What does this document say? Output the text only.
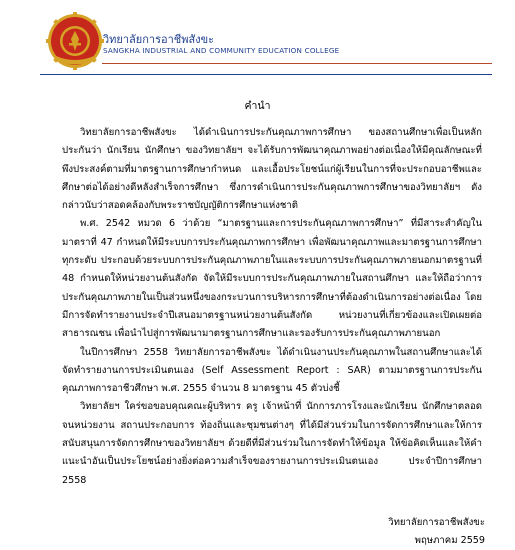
วิทยาลัยการอาชีพสังขะ
SANGKHA INDUSTRIAL AND COMMUNITY EDUCATION COLLEGE
คำนำ

วิทยาลัยการอาชีพสังขะ ได้ดำเนินการประกันคุณภาพการศึกษา ของสถานศึกษาเพื่อเป็นหลักประกันว่า นักเรียน นักศึกษา ของวิทยาลัยฯ จะได้รับการพัฒนาคุณภาพอย่างต่อเนื่องให้มีคุณลักษณะที่พึงประสงค์ตามที่มาตรฐานการศึกษากำหนด และเอื้อประโยชน์แก่ผู้เรียนในการที่จะประกอบอาชีพและศึกษาต่อได้อย่างดีหลังสำเร็จการศึกษา ซึ่งการดำเนินการประกันคุณภาพการศึกษาของวิทยาลัยฯ ดังกล่าวนับว่าสอดคล้องกับพระราชบัญญัติการศึกษาแห่งชาติ

พ.ศ. 2542 หมวด 6 ว่าด้วย “มาตรฐานและการประกันคุณภาพการศึกษา” ที่มีสาระสำคัญในมาตราที่ 47 กำหนดให้มีระบบการประกันคุณภาพการศึกษา เพื่อพัฒนาคุณภาพและมาตรฐานการศึกษาทุกระดับ ประกอบด้วยระบบการประกันคุณภาพภายในและระบบการประกันคุณภาพภายนอกมาตรฐานที่ 48 กำหนดให้หน่วยงานต้นสังกัด จัดให้มีระบบการประกันคุณภาพภายในสถานศึกษา และให้ถือว่าการประกันคุณภาพภายในเป็นส่วนหนึ่งของกระบวนการบริหารการศึกษาที่ต้องดำเนินการอย่างต่อเนื่อง โดยมีการจัดทำรายงานประจำปีเสนอมาตรฐานหน่วยงานต้นสังกัด หน่วยงานที่เกี่ยวข้องและเปิดเผยต่อสาธารณชน เพื่อนำไปสู่การพัฒนามาตรฐานการศึกษาและรองรับการประกันคุณภาพภายนอก

ในปีการศึกษา 2558 วิทยาลัยการอาชีพสังขะ ได้ดำเนินงานประกันคุณภาพในสถานศึกษาและได้จัดทำรายงานการประเมินตนเอง (Self Assessment Report : SAR) ตามมาตรฐานการประกันคุณภาพการอาชีวศึกษา พ.ศ. 2555 จำนวน 8 มาตรฐาน 45 ตัวบ่งชี้

วิทยาลัยฯ ใคร่ขอขอบคุณคณะผู้บริหาร ครู เจ้าหน้าที่ นักการภารโรงและนักเรียน นักศึกษาตลอดจนหน่วยงาน สถานประกอบการ ท้องถิ่นและชุมชนต่างๆ ที่ได้มีส่วนร่วมในการจัดการศึกษาและให้การสนับสนุนการจัดการศึกษาของวิทยาลัยฯ ด้วยดีที่มีส่วนร่วมในการจัดทำให้ข้อมูล ให้ข้อคิดเห็นและให้คำแนะนำอันเป็นประโยชน์อย่างยิ่งต่อความสำเร็จของรายงานการประเมินตนเอง ประจำปีการศึกษา 2558

วิทยาลัยการอาชีพสังขะ
พฤษภาคม 2559
